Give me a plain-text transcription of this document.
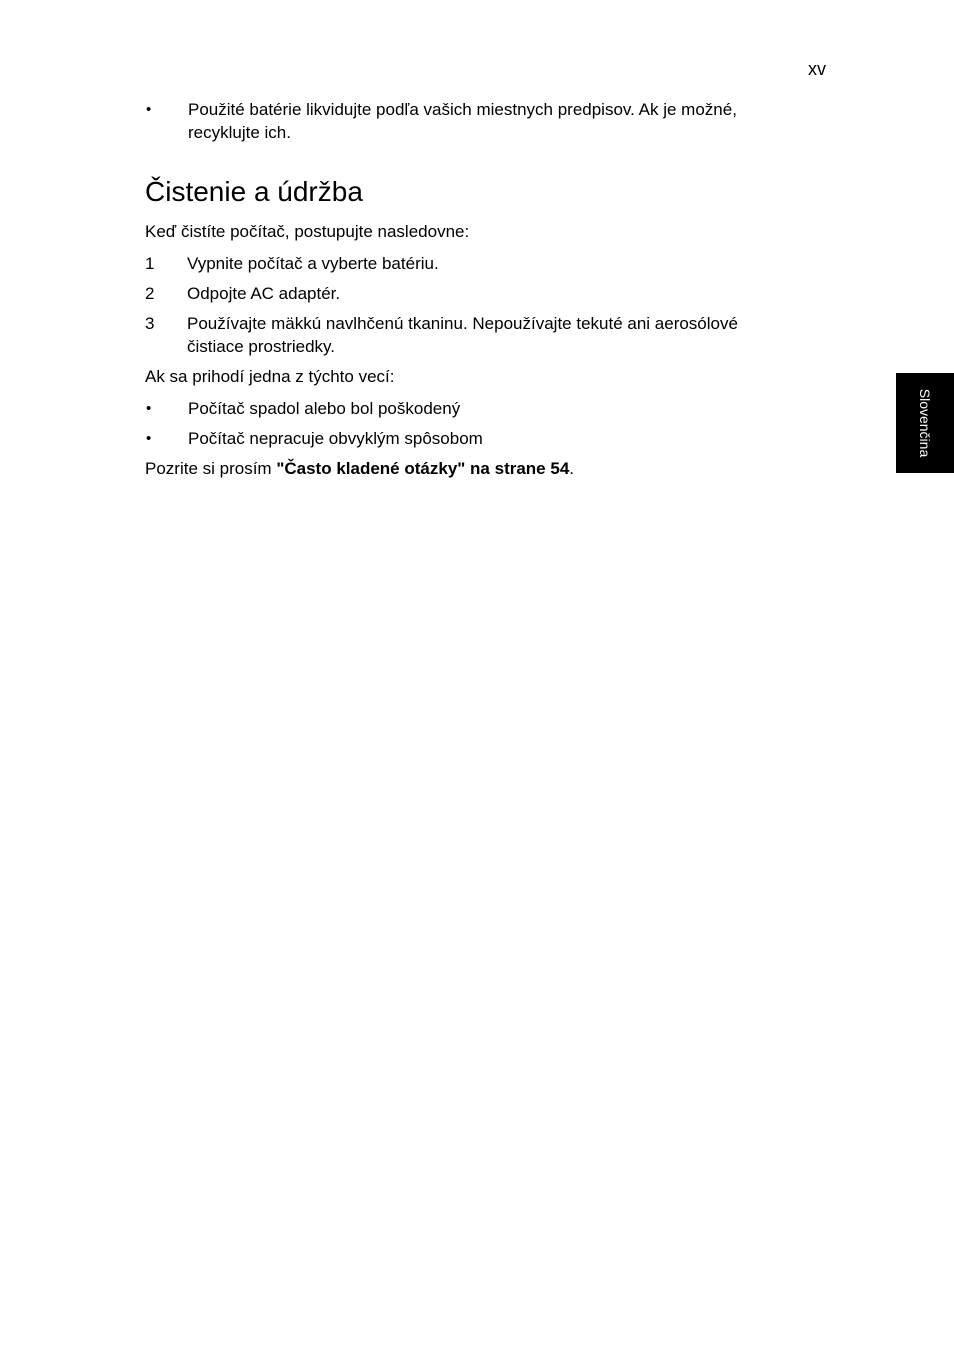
xv
Slovenčina
•	Použité batérie likvidujte podľa vašich miestnych predpisov. Ak je možné, recyklujte ich.
Čistenie a údržba

Keď čistíte počítač, postupujte nasledovne:

1	Vypnite počítač a vyberte batériu.
2	Odpojte AC adaptér.
3	Používajte mäkkú navlhčenú tkaninu. Nepoužívajte tekuté ani aerosólové čistiace prostriedky.

Ak sa prihodí jedna z týchto vecí:

•	Počítač spadol alebo bol poškodený
•	Počítač nepracuje obvyklým spôsobom

Pozrite si prosím "Často kladené otázky" na strane 54.
